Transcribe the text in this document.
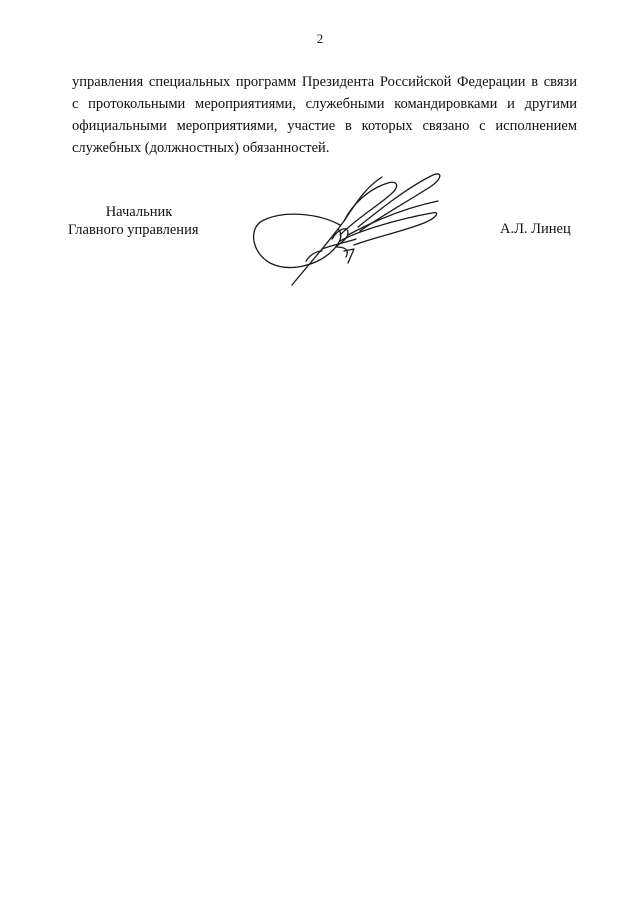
2
управления специальных программ Президента Российской Федерации в связи
с протокольными мероприятиями, служебными командировками и другими
официальными мероприятиями, участие в которых связано с исполнением
служебных (должностных) обязанностей.
Начальник
Главного управления	А.Л. Линец
